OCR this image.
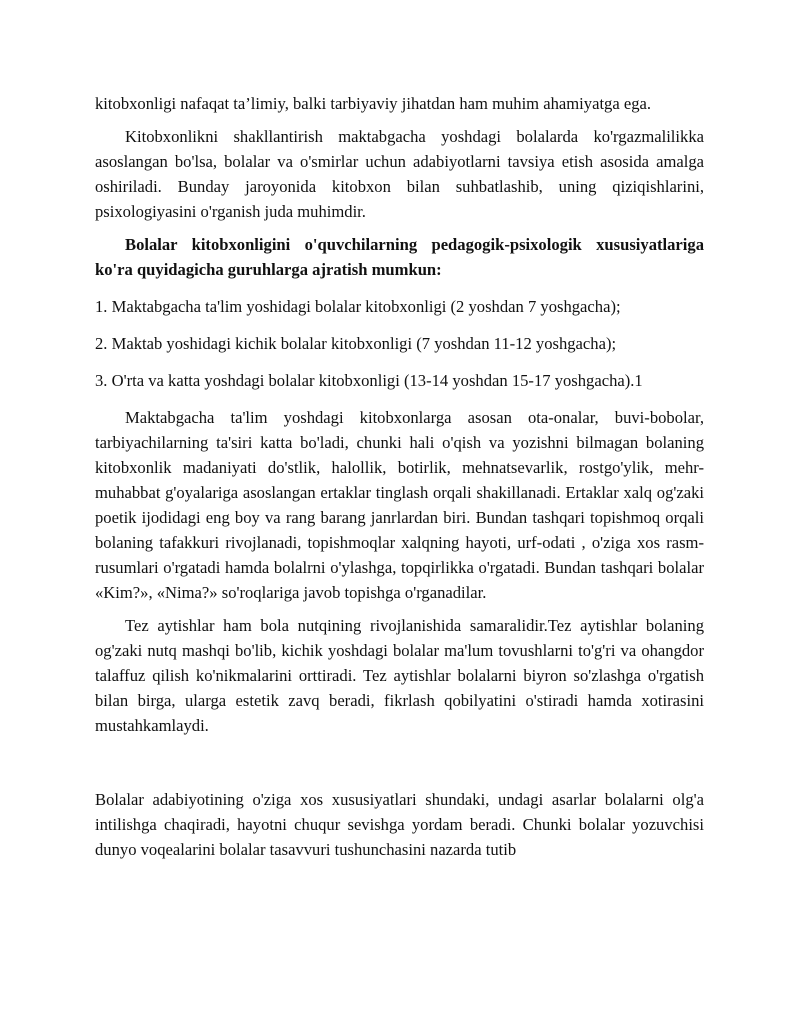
kitobxonligi nafaqat ta’limiy, balki tarbiyaviy jihatdan ham muhim ahamiyatga ega.

Kitobxonlikni shakllantirish maktabgacha yoshdagi bolalarda ko'rgazmalilikka asoslangan bo'lsa, bolalar va o'smirlar uchun adabiyotlarni tavsiya etish asosida amalga oshiriladi. Bunday jaroyonida kitobxon bilan suhbatlashib, uning qiziqishlarini, psixologiyasini o'rganish juda muhimdir.

Bolalar kitobxonligini o'quvchilarning pedagogik-psixologik xususiyatlariga ko'ra quyidagicha guruhlarga ajratish mumkun:

1. Maktabgacha ta'lim yoshidagi bolalar kitobxonligi (2 yoshdan 7 yoshgacha);

2. Maktab yoshidagi kichik bolalar kitobxonligi (7 yoshdan 11-12 yoshgacha);

3. O'rta va katta yoshdagi bolalar kitobxonligi (13-14 yoshdan 15-17 yoshgacha).1

Maktabgacha ta'lim yoshdagi kitobxonlarga asosan ota-onalar, buvi-bobolar, tarbiyachilarning ta'siri katta bo'ladi, chunki hali o'qish va yozishni bilmagan bolaning kitobxonlik madaniyati do'stlik, halollik, botirlik, mehnatsevarlik, rostgo'ylik, mehr-muhabbat g'oyalariga asoslangan ertaklar tinglash orqali shakillanadi. Ertaklar xalq og'zaki poetik ijodidagi eng boy va rang barang janrlardan biri. Bundan tashqari topishmoq orqali bolaning tafakkuri rivojlanadi, topishmoqlar xalqning hayoti, urf-odati , o'ziga xos rasm-rusumlari o'rgatadi hamda bolalrni o'ylashga, topqirlikka o'rgatadi. Bundan tashqari bolalar «Kim?», «Nima?» so'roqlariga javob topishga o'rganadilar.

Tez aytishlar ham bola nutqining rivojlanishida samaralidir.Tez aytishlar bolaning og'zaki nutq mashqi bo'lib, kichik yoshdagi bolalar ma'lum tovushlarni to'g'ri va ohangdor talaffuz qilish ko'nikmalarini orttiradi. Tez aytishlar bolalarni biyron so'zlashga o'rgatish bilan birga, ularga estetik zavq beradi, fikrlash qobilyatini o'stiradi hamda xotirasini mustahkamlaydi.

Bolalar adabiyotining o'ziga xos xususiyatlari shundaki, undagi asarlar bolalarni olg'a intilishga chaqiradi, hayotni chuqur sevishga yordam beradi. Chunki bolalar yozuvchisi dunyo voqealarini bolalar tasavvuri tushunchasini nazarda tutib
